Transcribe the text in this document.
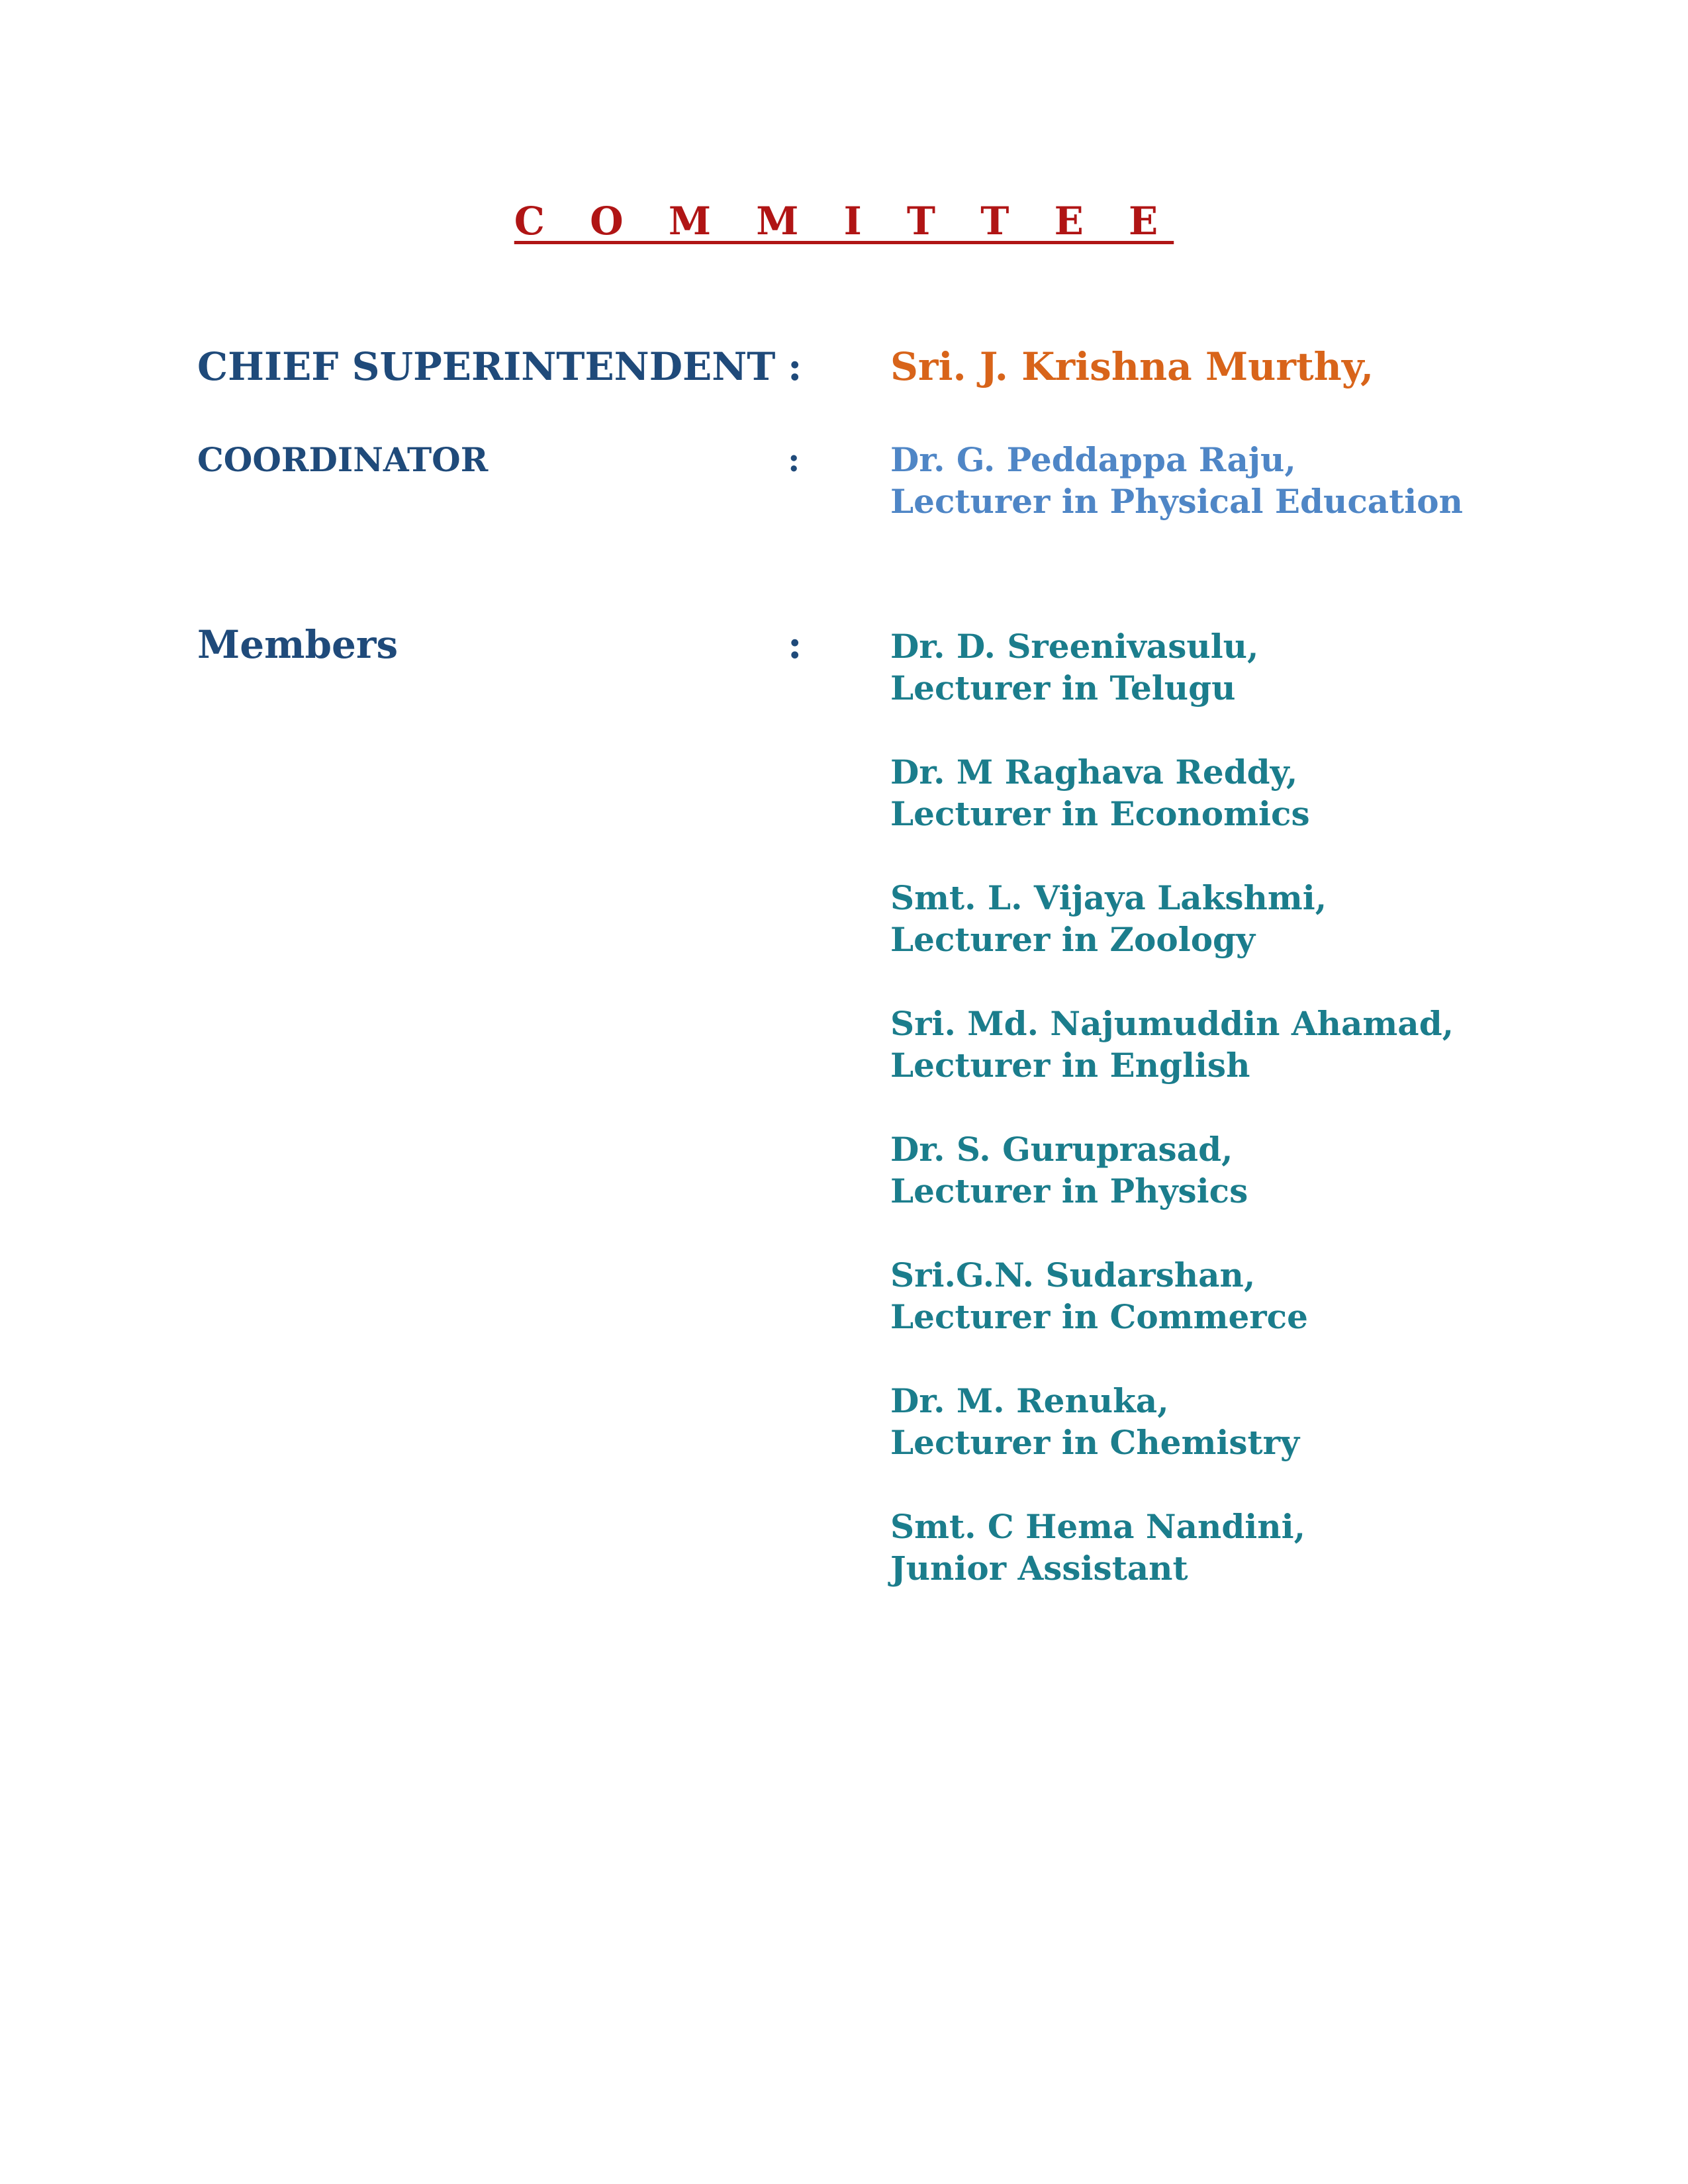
C O M M I T T E E

CHIEF SUPERINTENDENT : Sri. J. Krishna Murthy,

COORDINATOR	:	Dr. G. Peddappa Raju,
Lecturer in Physical Education

Members	:	Dr. D. Sreenivasulu,
Lecturer in Telugu
Dr. M Raghava Reddy,
Lecturer in Economics
Smt. L. Vijaya Lakshmi,
Lecturer in Zoology
Sri. Md. Najumuddin Ahamad,
Lecturer in English
Dr. S. Guruprasad,
Lecturer in Physics
Sri.G.N. Sudarshan,
Lecturer in Commerce
Dr. M. Renuka,
Lecturer in Chemistry
Smt. C Hema Nandini,
Junior Assistant
